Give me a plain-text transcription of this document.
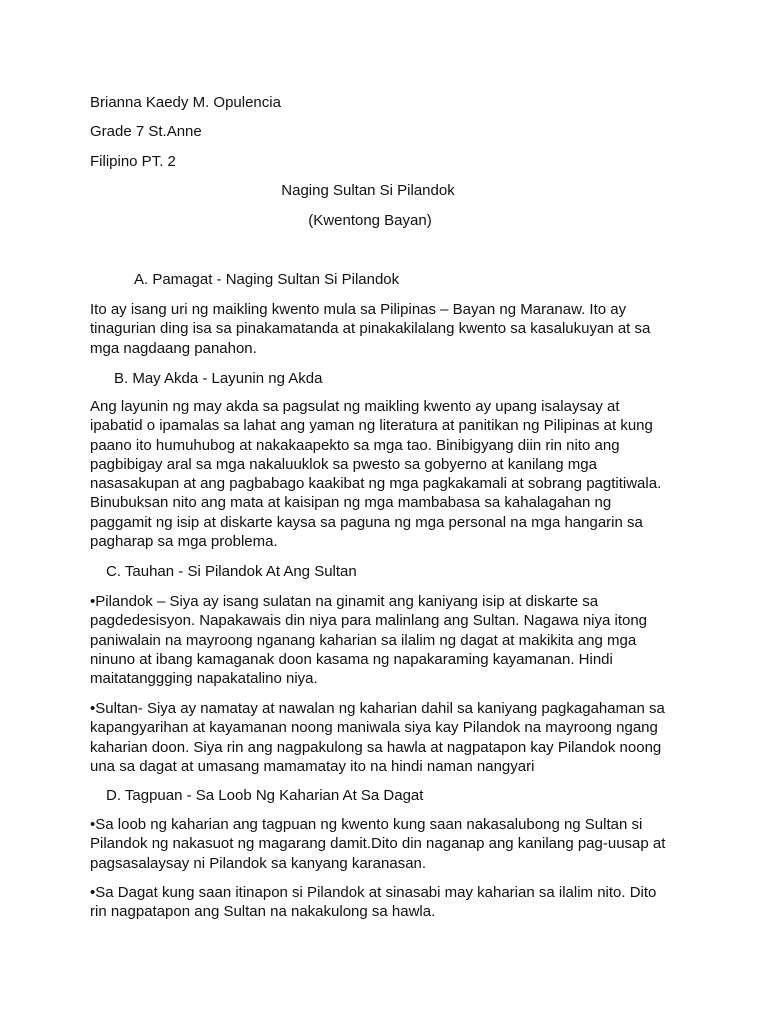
Brianna Kaedy M. Opulencia
Grade 7 St.Anne
Filipino PT. 2
Naging Sultan Si Pilandok
(Kwentong Bayan)
A. Pamagat - Naging Sultan Si Pilandok
Ito ay isang uri ng maikling kwento mula sa Pilipinas – Bayan ng Maranaw. Ito ay
tinagurian ding isa sa pinakamatanda at pinakakilalang kwento sa kasalukuyan at sa
mga nagdaang panahon.
B. May Akda - Layunin ng Akda
Ang layunin ng may akda sa pagsulat ng maikling kwento ay upang isalaysay at
ipabatid o ipamalas sa lahat ang yaman ng literatura at panitikan ng Pilipinas at kung
paano ito humuhubog at nakakaapekto sa mga tao. Binibigyang diin rin nito ang
pagbibigay aral sa mga nakaluuklok sa pwesto sa gobyerno at kanilang mga
nasasakupan at ang pagbabago kaakibat ng mga pagkakamali at sobrang pagtitiwala.
Binubuksan nito ang mata at kaisipan ng mga mambabasa sa kahalagahan ng
paggamit ng isip at diskarte kaysa sa paguna ng mga personal na mga hangarin sa
pagharap sa mga problema.
C. Tauhan - Si Pilandok At Ang Sultan
•Pilandok – Siya ay isang sulatan na ginamit ang kaniyang isip at diskarte sa
pagdedesisyon. Napakawais din niya para malinlang ang Sultan. Nagawa niya itong
paniwalain na mayroong nganang kaharian sa ilalim ng dagat at makikita ang mga
ninuno at ibang kamaganak doon kasama ng napakaraming kayamanan. Hindi
maitatanggging napakatalino niya.
•Sultan- Siya ay namatay at nawalan ng kaharian dahil sa kaniyang pagkagahaman sa
kapangyarihan at kayamanan noong maniwala siya kay Pilandok na mayroong ngang
kaharian doon. Siya rin ang nagpakulong sa hawla at nagpatapon kay Pilandok noong
una sa dagat at umasang mamamatay ito na hindi naman nangyari
D. Tagpuan - Sa Loob Ng Kaharian At Sa Dagat
•Sa loob ng kaharian ang tagpuan ng kwento kung saan nakasalubong ng Sultan si
Pilandok ng nakasuot ng magarang damit.Dito din naganap ang kanilang pag-uusap at
pagsasalaysay ni Pilandok sa kanyang karanasan.
•Sa Dagat kung saan itinapon si Pilandok at sinasabi may kaharian sa ilalim nito. Dito
rin nagpatapon ang Sultan na nakakulong sa hawla.
